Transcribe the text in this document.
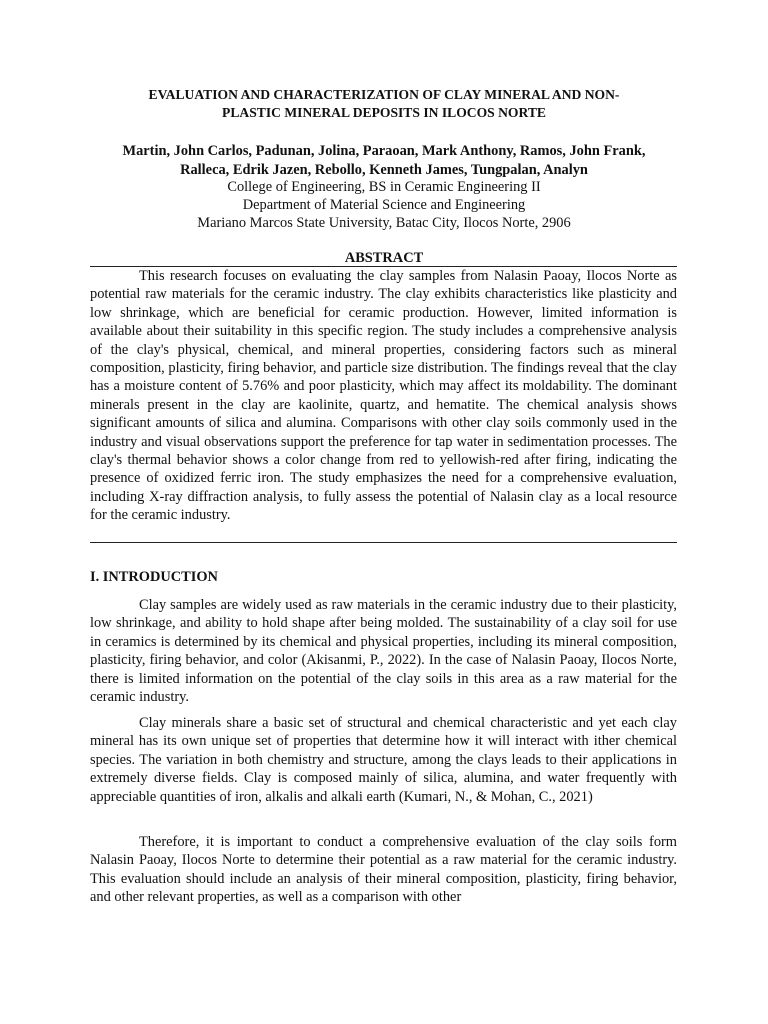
EVALUATION AND CHARACTERIZATION OF CLAY MINERAL AND NON-
PLASTIC MINERAL DEPOSITS IN ILOCOS NORTE
Martin, John Carlos, Padunan, Jolina, Paraoan, Mark Anthony, Ramos, John Frank,
Ralleca, Edrik Jazen, Rebollo, Kenneth James, Tungpalan, Analyn
College of Engineering, BS in Ceramic Engineering II
Department of Material Science and Engineering
Mariano Marcos State University, Batac City, Ilocos Norte, 2906
ABSTRACT

This research focuses on evaluating the clay samples from Nalasin Paoay, Ilocos Norte as potential raw materials for the ceramic industry. The clay exhibits characteristics like plasticity and low shrinkage, which are beneficial for ceramic production. However, limited information is available about their suitability in this specific region. The study includes a comprehensive analysis of the clay's physical, chemical, and mineral properties, considering factors such as mineral composition, plasticity, firing behavior, and particle size distribution. The findings reveal that the clay has a moisture content of 5.76% and poor plasticity, which may affect its moldability. The dominant minerals present in the clay are kaolinite, quartz, and hematite. The chemical analysis shows significant amounts of silica and alumina. Comparisons with other clay soils commonly used in the industry and visual observations support the preference for tap water in sedimentation processes. The clay's thermal behavior shows a color change from red to yellowish-red after firing, indicating the presence of oxidized ferric iron. The study emphasizes the need for a comprehensive evaluation, including X-ray diffraction analysis, to fully assess the potential of Nalasin clay as a local resource for the ceramic industry.

I. INTRODUCTION

Clay samples are widely used as raw materials in the ceramic industry due to their plasticity, low shrinkage, and ability to hold shape after being molded. The sustainability of a clay soil for use in ceramics is determined by its chemical and physical properties, including its mineral composition, plasticity, firing behavior, and color (Akisanmi, P., 2022). In the case of Nalasin Paoay, Ilocos Norte, there is limited information on the potential of the clay soils in this area as a raw material for the ceramic industry.

Clay minerals share a basic set of structural and chemical characteristic and yet each clay mineral has its own unique set of properties that determine how it will interact with ither chemical species. The variation in both chemistry and structure, among the clays leads to their applications in extremely diverse fields. Clay is composed mainly of silica, alumina, and water frequently with appreciable quantities of iron, alkalis and alkali earth (Kumari, N., & Mohan, C., 2021)

Therefore, it is important to conduct a comprehensive evaluation of the clay soils form Nalasin Paoay, Ilocos Norte to determine their potential as a raw material for the ceramic industry. This evaluation should include an analysis of their mineral composition, plasticity, firing behavior, and other relevant properties, as well as a comparison with other
